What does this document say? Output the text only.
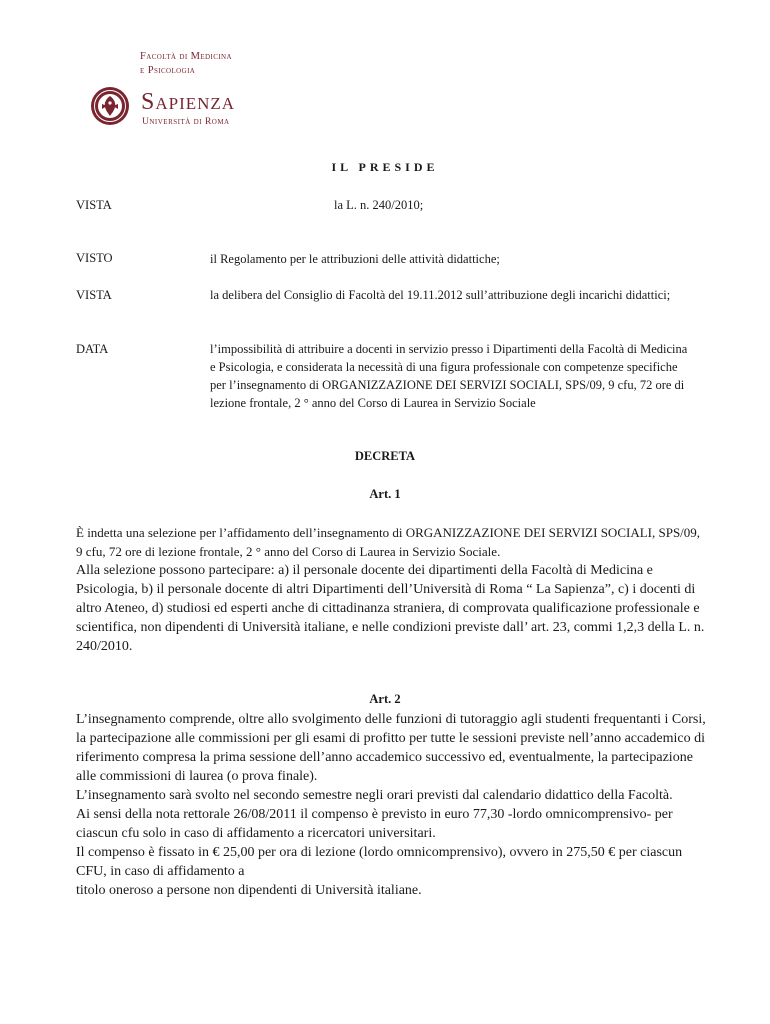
Facoltà di Medicina
e Psicologia
Sapienza
Università di Roma
IL PRESIDE
VISTA	la L. n. 240/2010;
VISTO	il Regolamento per le attribuzioni delle attività didattiche;
VISTA	la delibera del Consiglio di Facoltà del 19.11.2012 sull’attribuzione degli incarichi didattici;
DATA	l’impossibilità di attribuire a docenti in servizio presso i Dipartimenti della Facoltà di Medicina e Psicologia, e considerata la necessità di una figura professionale con competenze specifiche per l’insegnamento di ORGANIZZAZIONE DEI SERVIZI SOCIALI, SPS/09, 9 cfu, 72 ore di lezione frontale, 2 ° anno del Corso di Laurea in Servizio Sociale
DECRETA
Art. 1

È indetta una selezione per l’affidamento dell’insegnamento di ORGANIZZAZIONE DEI SERVIZI SOCIALI, SPS/09, 9 cfu, 72 ore di lezione frontale, 2 ° anno del Corso di Laurea in Servizio Sociale.

Alla selezione possono partecipare: a) il personale docente dei dipartimenti della Facoltà di Medicina e Psicologia, b) il personale docente di altri Dipartimenti dell’Università di Roma “ La Sapienza”, c) i docenti di altro Ateneo, d) studiosi ed esperti anche di cittadinanza straniera, di comprovata qualificazione professionale e scientifica, non dipendenti di Università italiane, e nelle condizioni previste dall’ art. 23, commi 1,2,3 della L. n. 240/2010.

Art. 2

L’insegnamento comprende, oltre allo svolgimento delle funzioni di tutoraggio agli studenti frequentanti i Corsi, la partecipazione alle commissioni per gli esami di profitto per tutte le sessioni previste nell’anno accademico di riferimento compresa la prima sessione dell’anno accademico successivo ed, eventualmente, la partecipazione alle commissioni di laurea (o prova finale).

L’insegnamento sarà svolto nel secondo semestre negli orari previsti dal calendario didattico della Facoltà.

Ai sensi della nota rettorale 26/08/2011 il compenso è previsto in euro 77,30 -lordo omnicomprensivo- per ciascun cfu solo in caso di affidamento a ricercatori universitari.

Il compenso è fissato in € 25,00 per ora di lezione (lordo omnicomprensivo), ovvero in 275,50 € per ciascun CFU, in caso di affidamento a

titolo oneroso a persone non dipendenti di Università italiane.
